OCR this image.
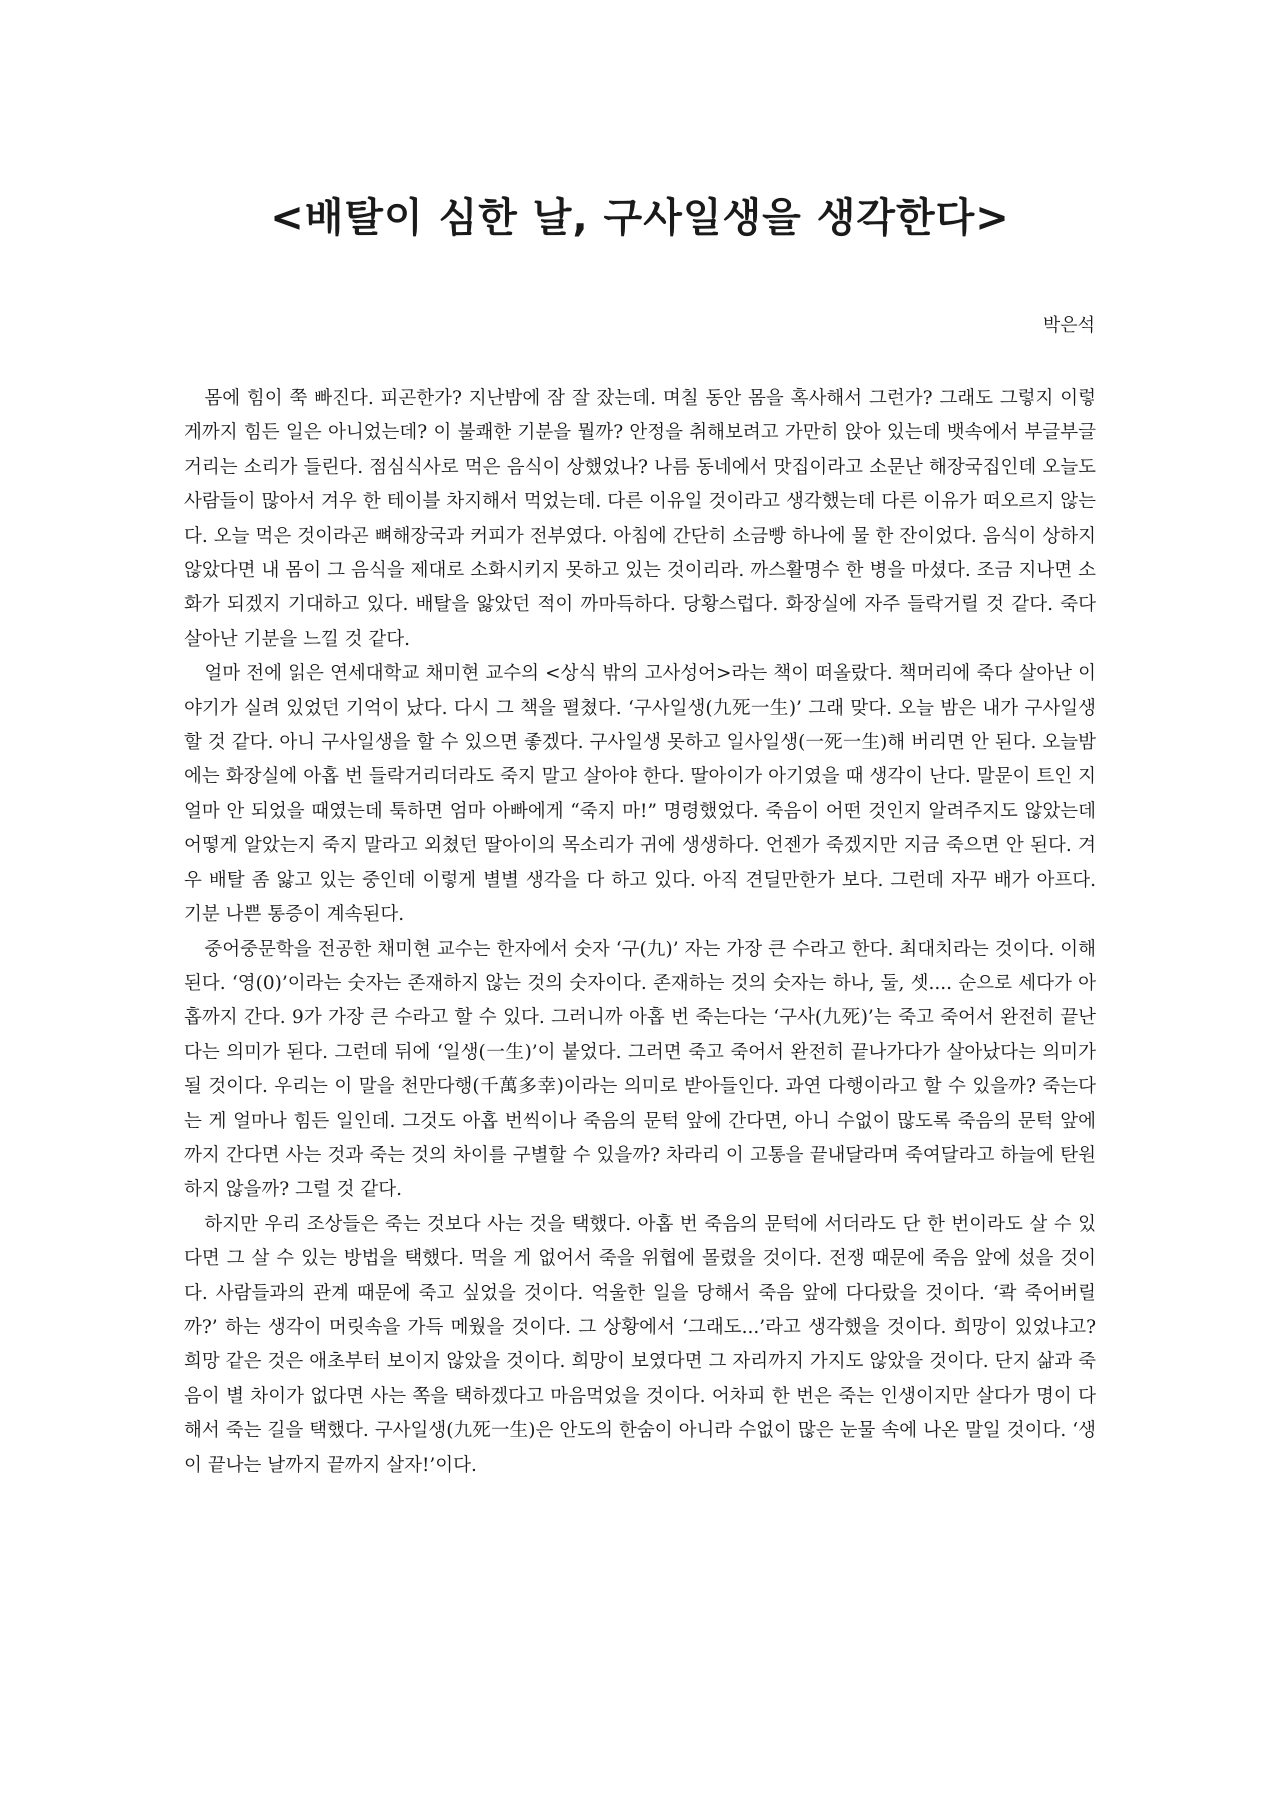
<배탈이 심한 날, 구사일생을 생각한다>
박은석

몸에 힘이 쭉 빠진다. 피곤한가? 지난밤에 잠 잘 잤는데. 며칠 동안 몸을 혹사해서 그런가? 그래도 그렇지 이렇게까지 힘든 일은 아니었는데? 이 불쾌한 기분을 뭘까? 안정을 취해보려고 가만히 앉아 있는데 뱃속에서 부글부글거리는 소리가 들린다. 점심식사로 먹은 음식이 상했었나? 나름 동네에서 맛집이라고 소문난 해장국집인데 오늘도 사람들이 많아서 겨우 한 테이블 차지해서 먹었는데. 다른 이유일 것이라고 생각했는데 다른 이유가 떠오르지 않는다. 오늘 먹은 것이라곤 뼈해장국과 커피가 전부였다. 아침에 간단히 소금빵 하나에 물 한 잔이었다. 음식이 상하지 않았다면 내 몸이 그 음식을 제대로 소화시키지 못하고 있는 것이리라. 까스활명수 한 병을 마셨다. 조금 지나면 소화가 되겠지 기대하고 있다. 배탈을 앓았던 적이 까마득하다. 당황스럽다. 화장실에 자주 들락거릴 것 같다. 죽다 살아난 기분을 느낄 것 같다.

얼마 전에 읽은 연세대학교 채미현 교수의 <상식 밖의 고사성어>라는 책이 떠올랐다. 책머리에 죽다 살아난 이야기가 실려 있었던 기억이 났다. 다시 그 책을 펼쳤다. ‘구사일생(九死一生)’ 그래 맞다. 오늘 밤은 내가 구사일생할 것 같다. 아니 구사일생을 할 수 있으면 좋겠다. 구사일생 못하고 일사일생(一死一生)해 버리면 안 된다. 오늘밤에는 화장실에 아홉 번 들락거리더라도 죽지 말고 살아야 한다. 딸아이가 아기였을 때 생각이 난다. 말문이 트인 지 얼마 안 되었을 때였는데 툭하면 엄마 아빠에게 “죽지 마!” 명령했었다. 죽음이 어떤 것인지 알려주지도 않았는데 어떻게 알았는지 죽지 말라고 외쳤던 딸아이의 목소리가 귀에 생생하다. 언젠가 죽겠지만 지금 죽으면 안 된다. 겨우 배탈 좀 앓고 있는 중인데 이렇게 별별 생각을 다 하고 있다. 아직 견딜만한가 보다. 그런데 자꾸 배가 아프다. 기분 나쁜 통증이 계속된다.

중어중문학을 전공한 채미현 교수는 한자에서 숫자 ‘구(九)’ 자는 가장 큰 수라고 한다. 최대치라는 것이다. 이해된다. ‘영(0)’이라는 숫자는 존재하지 않는 것의 숫자이다. 존재하는 것의 숫자는 하나, 둘, 셋.... 순으로 세다가 아홉까지 간다. 9가 가장 큰 수라고 할 수 있다. 그러니까 아홉 번 죽는다는 ‘구사(九死)’는 죽고 죽어서 완전히 끝난다는 의미가 된다. 그런데 뒤에 ‘일생(一生)’이 붙었다. 그러면 죽고 죽어서 완전히 끝나가다가 살아났다는 의미가 될 것이다. 우리는 이 말을 천만다행(千萬多幸)이라는 의미로 받아들인다. 과연 다행이라고 할 수 있을까? 죽는다는 게 얼마나 힘든 일인데. 그것도 아홉 번씩이나 죽음의 문턱 앞에 간다면, 아니 수없이 많도록 죽음의 문턱 앞에까지 간다면 사는 것과 죽는 것의 차이를 구별할 수 있을까? 차라리 이 고통을 끝내달라며 죽여달라고 하늘에 탄원하지 않을까? 그럴 것 같다.

하지만 우리 조상들은 죽는 것보다 사는 것을 택했다. 아홉 번 죽음의 문턱에 서더라도 단 한 번이라도 살 수 있다면 그 살 수 있는 방법을 택했다. 먹을 게 없어서 죽을 위협에 몰렸을 것이다. 전쟁 때문에 죽음 앞에 섰을 것이다. 사람들과의 관계 때문에 죽고 싶었을 것이다. 억울한 일을 당해서 죽음 앞에 다다랐을 것이다. ‘콱 죽어버릴까?’ 하는 생각이 머릿속을 가득 메웠을 것이다. 그 상황에서 ‘그래도...’라고 생각했을 것이다. 희망이 있었냐고? 희망 같은 것은 애초부터 보이지 않았을 것이다. 희망이 보였다면 그 자리까지 가지도 않았을 것이다. 단지 삶과 죽음이 별 차이가 없다면 사는 쪽을 택하겠다고 마음먹었을 것이다. 어차피 한 번은 죽는 인생이지만 살다가 명이 다해서 죽는 길을 택했다. 구사일생(九死一生)은 안도의 한숨이 아니라 수없이 많은 눈물 속에 나온 말일 것이다. ‘생이 끝나는 날까지 끝까지 살자!’이다.
